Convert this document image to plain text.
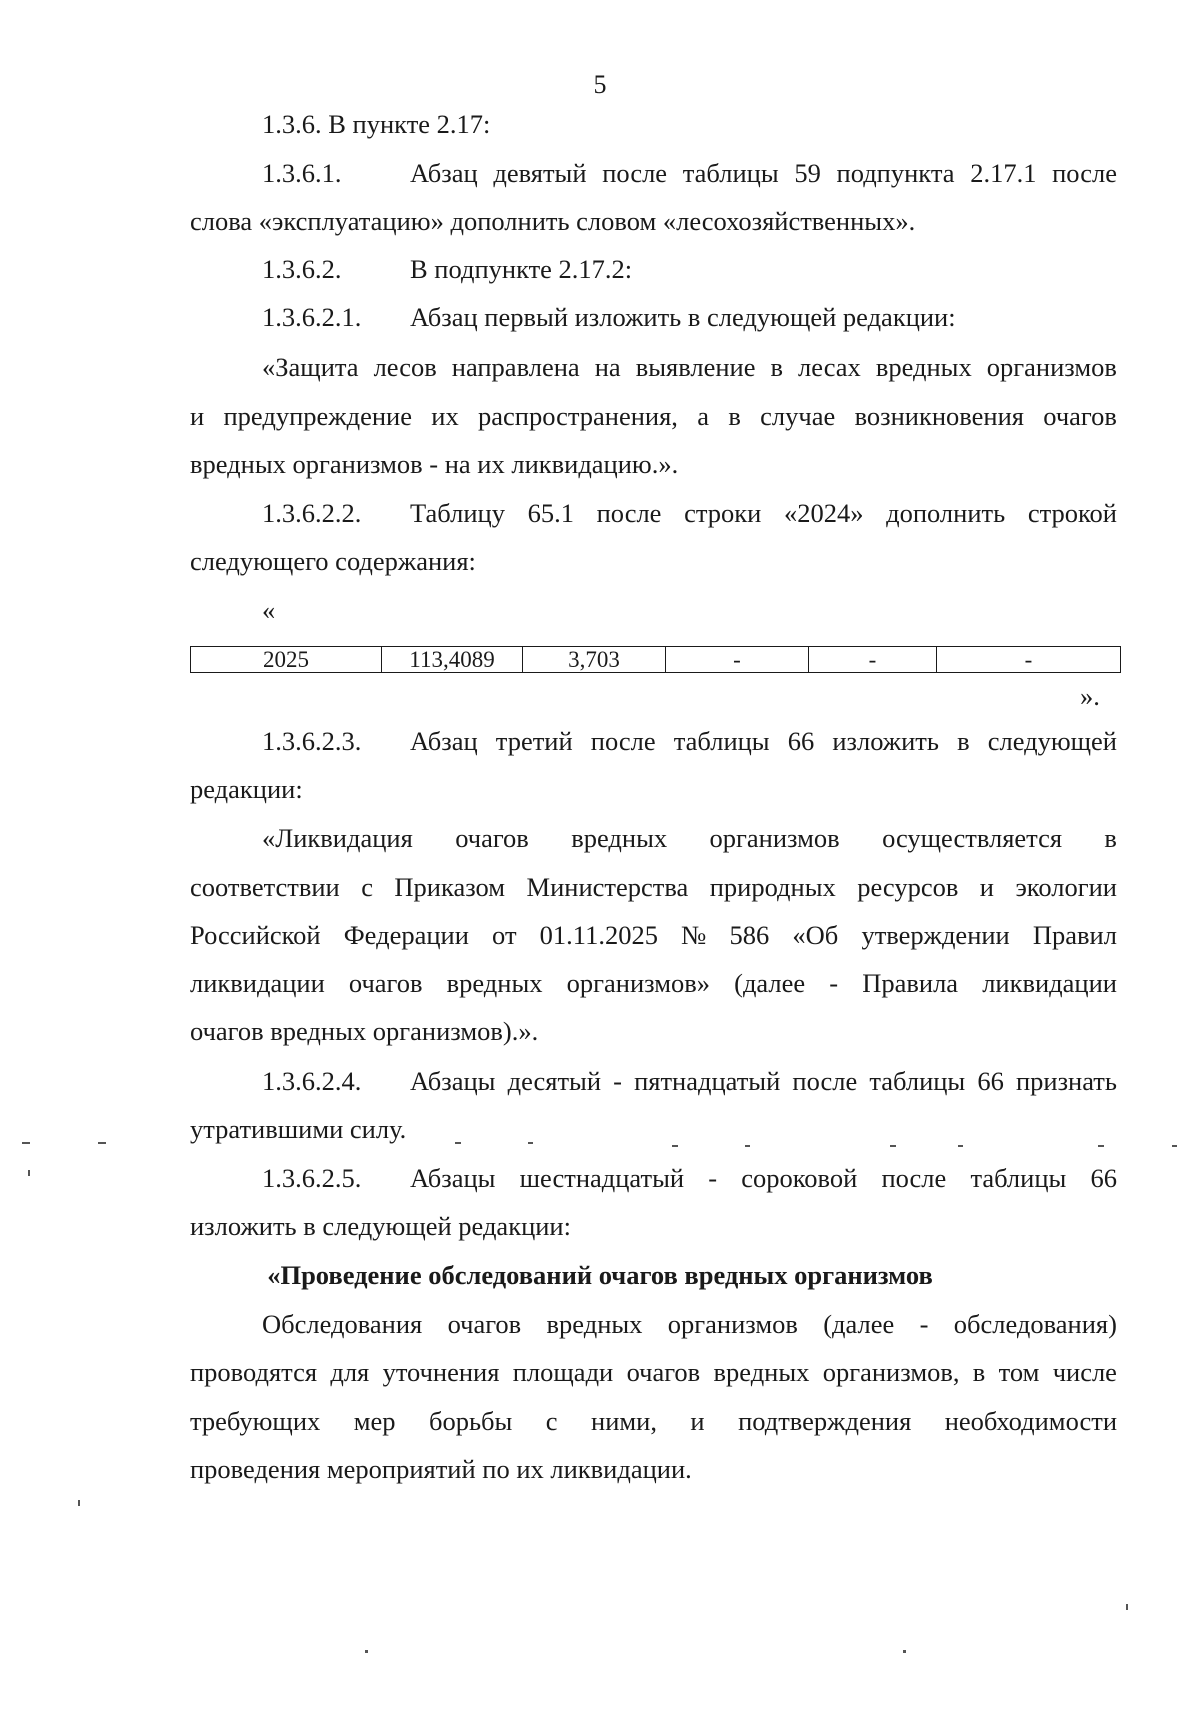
5
1.3.6. В пункте 2.17:
1.3.6.1.	Абзац девятый после таблицы 59 подпункта 2.17.1 после
слова «эксплуатацию» дополнить словом «лесохозяйственных».
1.3.6.2.	В подпункте 2.17.2:
1.3.6.2.1. Абзац первый изложить в следующей редакции:
«Защита лесов направлена на выявление в лесах вредных организмов
и предупреждение их распространения, а в случае возникновения очагов
вредных организмов - на их ликвидацию.».
1.3.6.2.2.	Таблицу 65.1 после строки «2024» дополнить строкой
следующего содержания:
«
2025	113,4089	3,703	-	-	-
».
1.3.6.2.3.	Абзац третий после таблицы 66 изложить в следующей
редакции:
«Ликвидация очагов вредных организмов осуществляется в
соответствии с Приказом Министерства природных ресурсов и экологии
Российской Федерации от 01.11.2025 № 586 «Об утверждении Правил
ликвидации очагов вредных организмов» (далее - Правила ликвидации
очагов вредных организмов).».
1.3.6.2.4.	Абзацы десятый - пятнадцатый после таблицы 66 признать
утратившими силу.
1.3.6.2.5.	Абзацы шестнадцатый - сороковой после таблицы 66
изложить в следующей редакции:
«Проведение обследований очагов вредных организмов
Обследования очагов вредных организмов (далее - обследования)
проводятся для уточнения площади очагов вредных организмов, в том числе
требующих мер борьбы с ними, и подтверждения необходимости
проведения мероприятий по их ликвидации.
